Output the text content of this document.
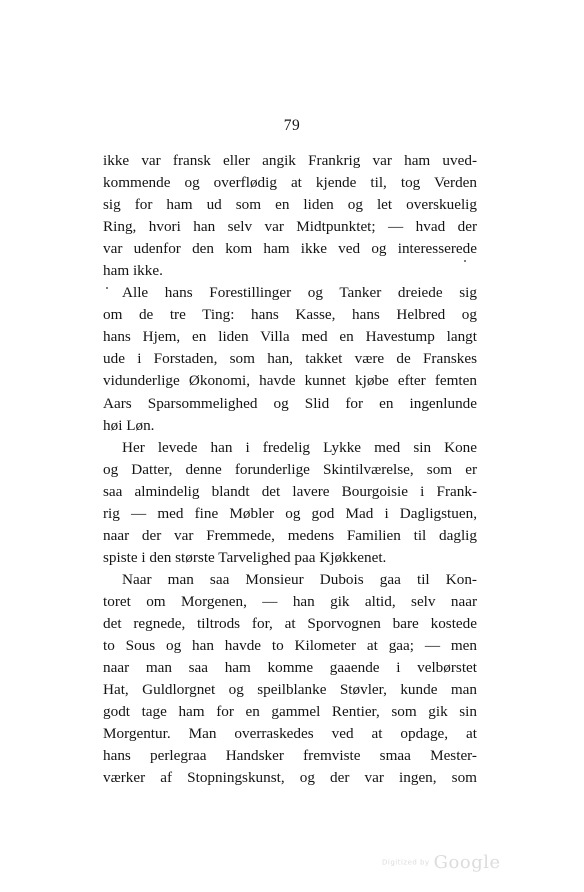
79
ikke var fransk eller angik Frankrig var ham uved-
kommende og overflødig at kjende til, tog Verden
sig for ham ud som en liden og let overskuelig
Ring, hvori han selv var Midtpunktet; — hvad der
var udenfor den kom ham ikke ved og interesserede
ham ikke.
Alle hans Forestillinger og Tanker dreiede sig
om de tre Ting: hans Kasse, hans Helbred og
hans Hjem, en liden Villa med en Havestump langt
ude i Forstaden, som han, takket være de Franskes
vidunderlige Økonomi, havde kunnet kjøbe efter femten
Aars Sparsommelighed og Slid for en ingenlunde
høi Løn.
Her levede han i fredelig Lykke med sin Kone
og Datter, denne forunderlige Skintilværelse, som er
saa almindelig blandt det lavere Bourgoisie i Frank-
rig — med fine Møbler og god Mad i Dagligstuen,
naar der var Fremmede, medens Familien til daglig
spiste i den største Tarvelighed paa Kjøkkenet.
Naar man saa Monsieur Dubois gaa til Kon-
toret om Morgenen, — han gik altid, selv naar
det regnede, tiltrods for, at Sporvognen bare kostede
to Sous og han havde to Kilometer at gaa; — men
naar man saa ham komme gaaende i velbørstet
Hat, Guldlorgnet og speilblanke Støvler, kunde man
godt tage ham for en gammel Rentier, som gik sin
Morgentur. Man overraskedes ved at opdage, at
hans perlegraa Handsker fremviste smaa Mester-
værker af Stopningskunst, og der var ingen, som
Digitized by Google
